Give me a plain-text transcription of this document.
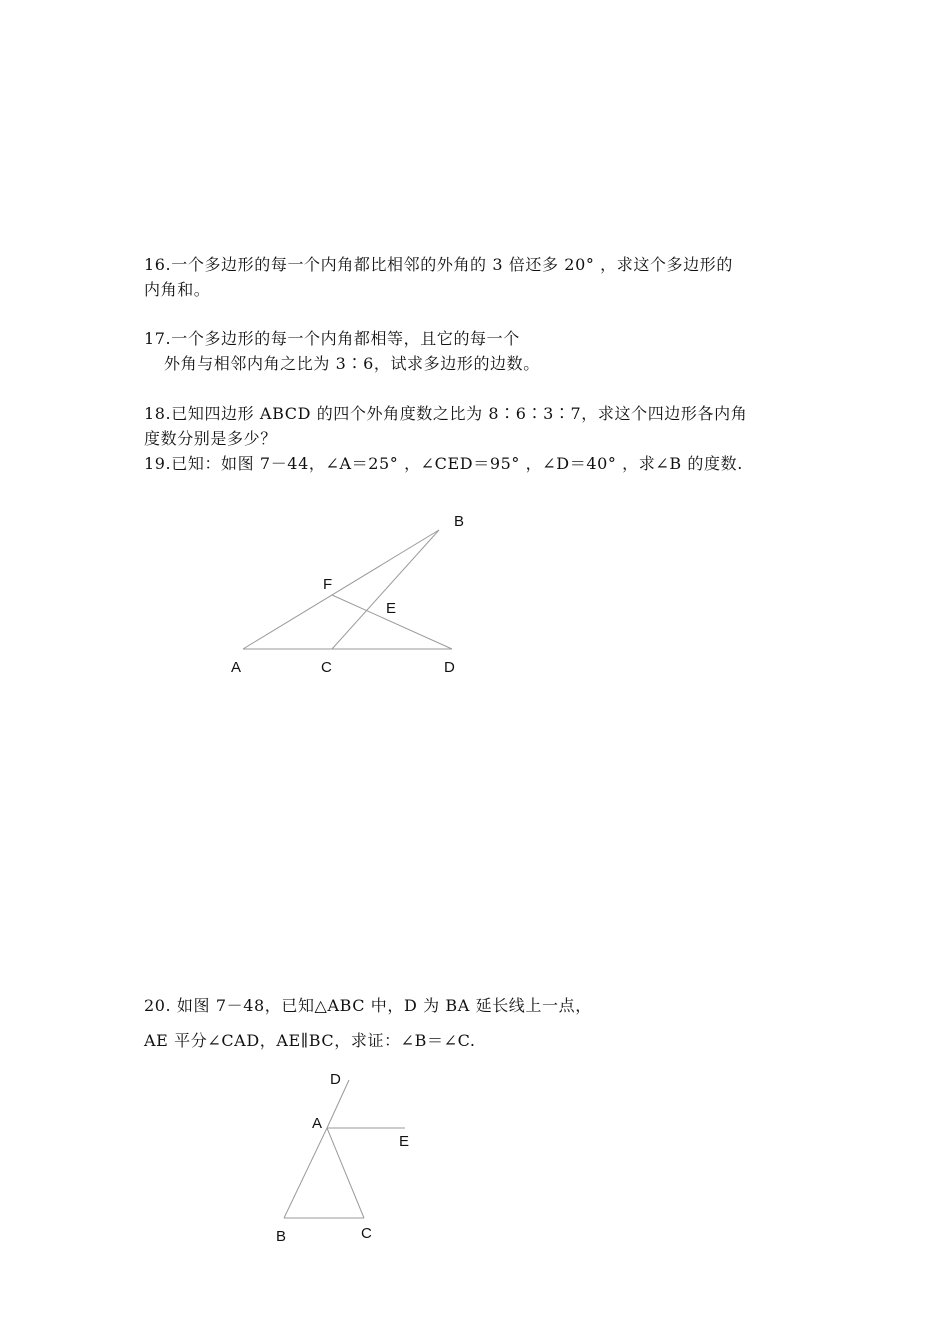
16.一个多边形的每一个内角都比相邻的外角的 3 倍还多 20° ，求这个多边形的
内角和。
17.一个多边形的每一个内角都相等，且它的每一个
外角与相邻内角之比为 3∶6，试求多边形的边数。
18.已知四边形 ABCD 的四个外角度数之比为 8∶6∶3∶7，求这个四边形各内角
度数分别是多少？
19.已知：如图 7－44，∠A＝25° ，∠CED＝95° ，∠D＝40° ，求∠B 的度数.
A	C	D
B
F
E
20. 如图 7－48，已知△ABC 中，D 为 BA 延长线上一点，
AE 平分∠CAD，AE∥BC，求证：∠B＝∠C.
D
A
E
B	C
